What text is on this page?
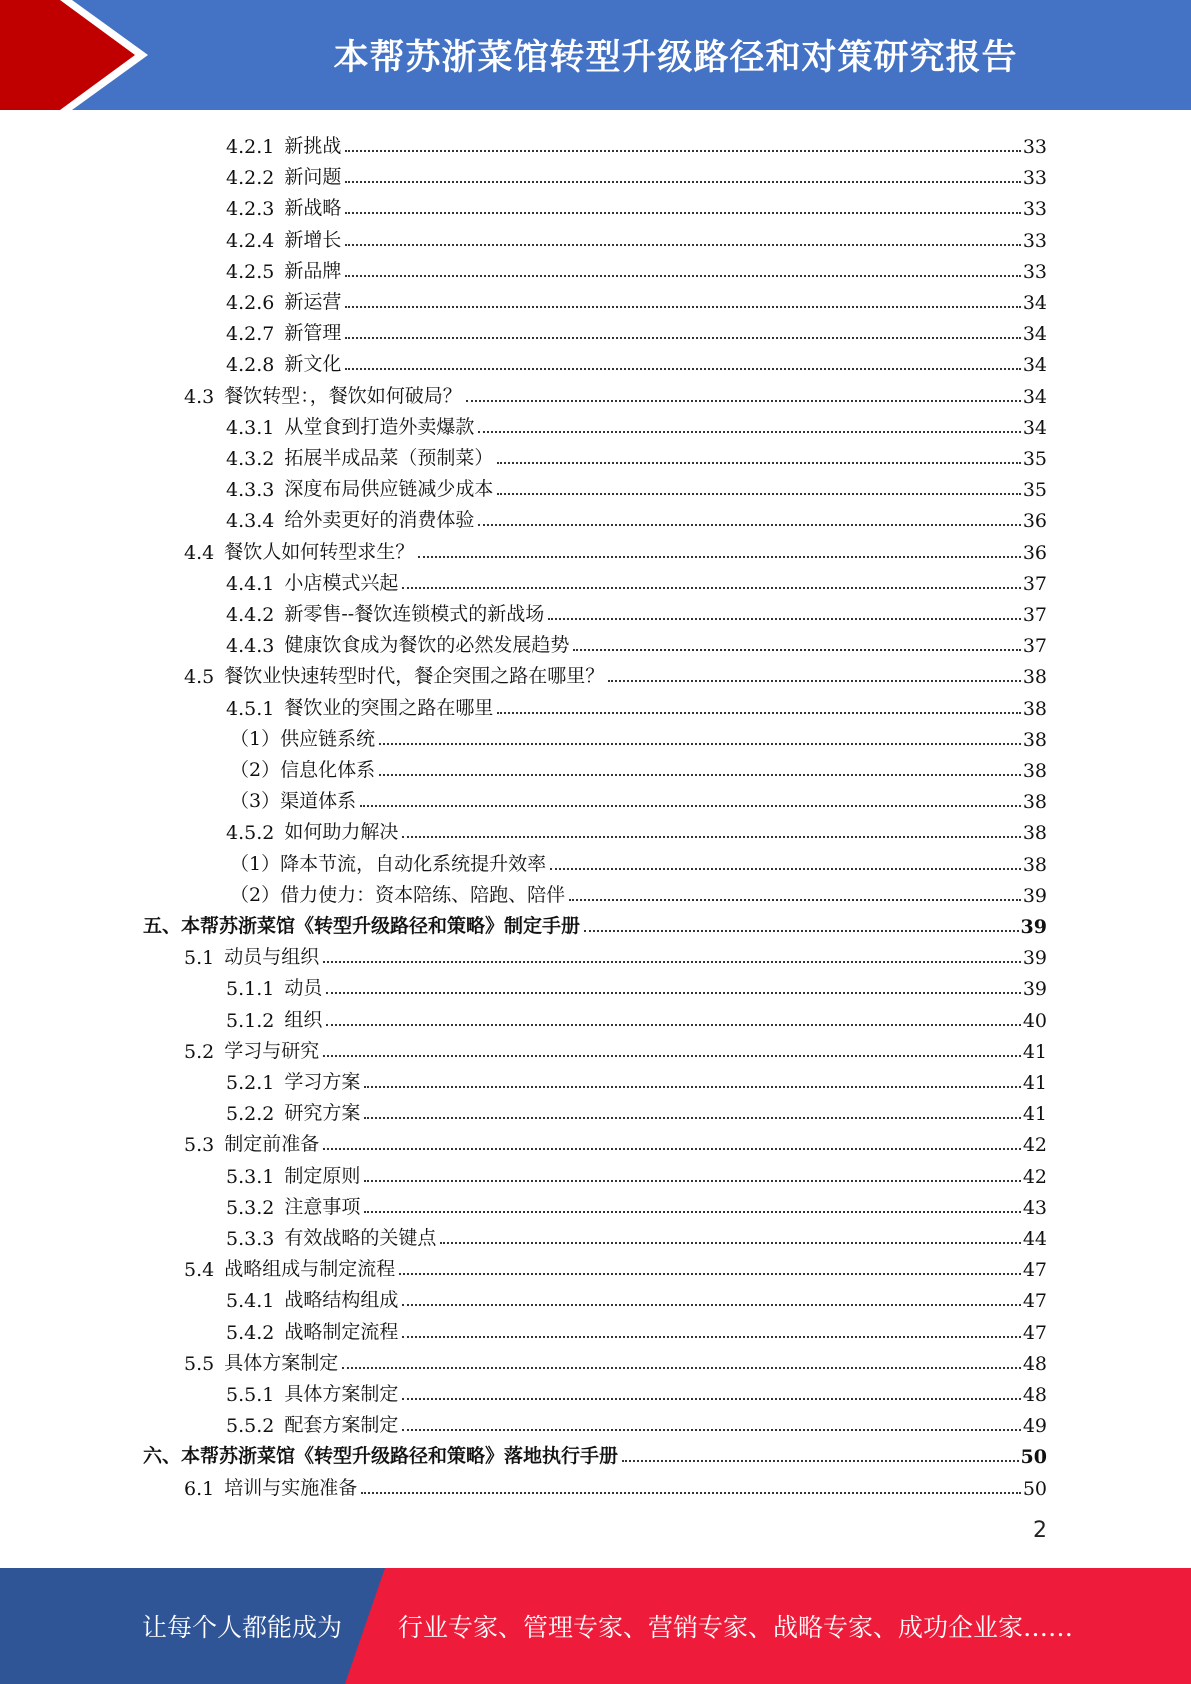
本帮苏浙菜馆转型升级路径和对策研究报告
4.2.1 新挑战	33
4.2.2 新问题	33
4.2.3 新战略	33
4.2.4 新增长	33
4.2.5 新品牌	33
4.2.6 新运营	34
4.2.7 新管理	34
4.2.8 新文化	34
4.3 餐饮转型：，餐饮如何破局？	34
4.3.1 从堂食到打造外卖爆款	34
4.3.2 拓展半成品菜（预制菜）	35
4.3.3 深度布局供应链减少成本	35
4.3.4 给外卖更好的消费体验	36
4.4 餐饮人如何转型求生？	36
4.4.1 小店模式兴起	37
4.4.2 新零售--餐饮连锁模式的新战场	37
4.4.3 健康饮食成为餐饮的必然发展趋势	37
4.5 餐饮业快速转型时代，餐企突围之路在哪里？	38
4.5.1 餐饮业的突围之路在哪里	38
（1）供应链系统	38
（2）信息化体系	38
（3）渠道体系	38
4.5.2 如何助力解决	38
（1）降本节流，自动化系统提升效率	38
（2）借力使力：资本陪练、陪跑、陪伴	39
五、本帮苏浙菜馆《转型升级路径和策略》制定手册	39
5.1 动员与组织	39
5.1.1 动员	39
5.1.2 组织	40
5.2 学习与研究	41
5.2.1 学习方案	41
5.2.2 研究方案	41
5.3 制定前准备	42
5.3.1 制定原则	42
5.3.2 注意事项	43
5.3.3 有效战略的关键点	44
5.4 战略组成与制定流程	47
5.4.1 战略结构组成	47
5.4.2 战略制定流程	47
5.5 具体方案制定	48
5.5.1 具体方案制定	48
5.5.2 配套方案制定	49
六、本帮苏浙菜馆《转型升级路径和策略》落地执行手册	50
6.1 培训与实施准备	50
2
让每个人都能成为 行业专家、管理专家、营销专家、战略专家、成功企业家……
